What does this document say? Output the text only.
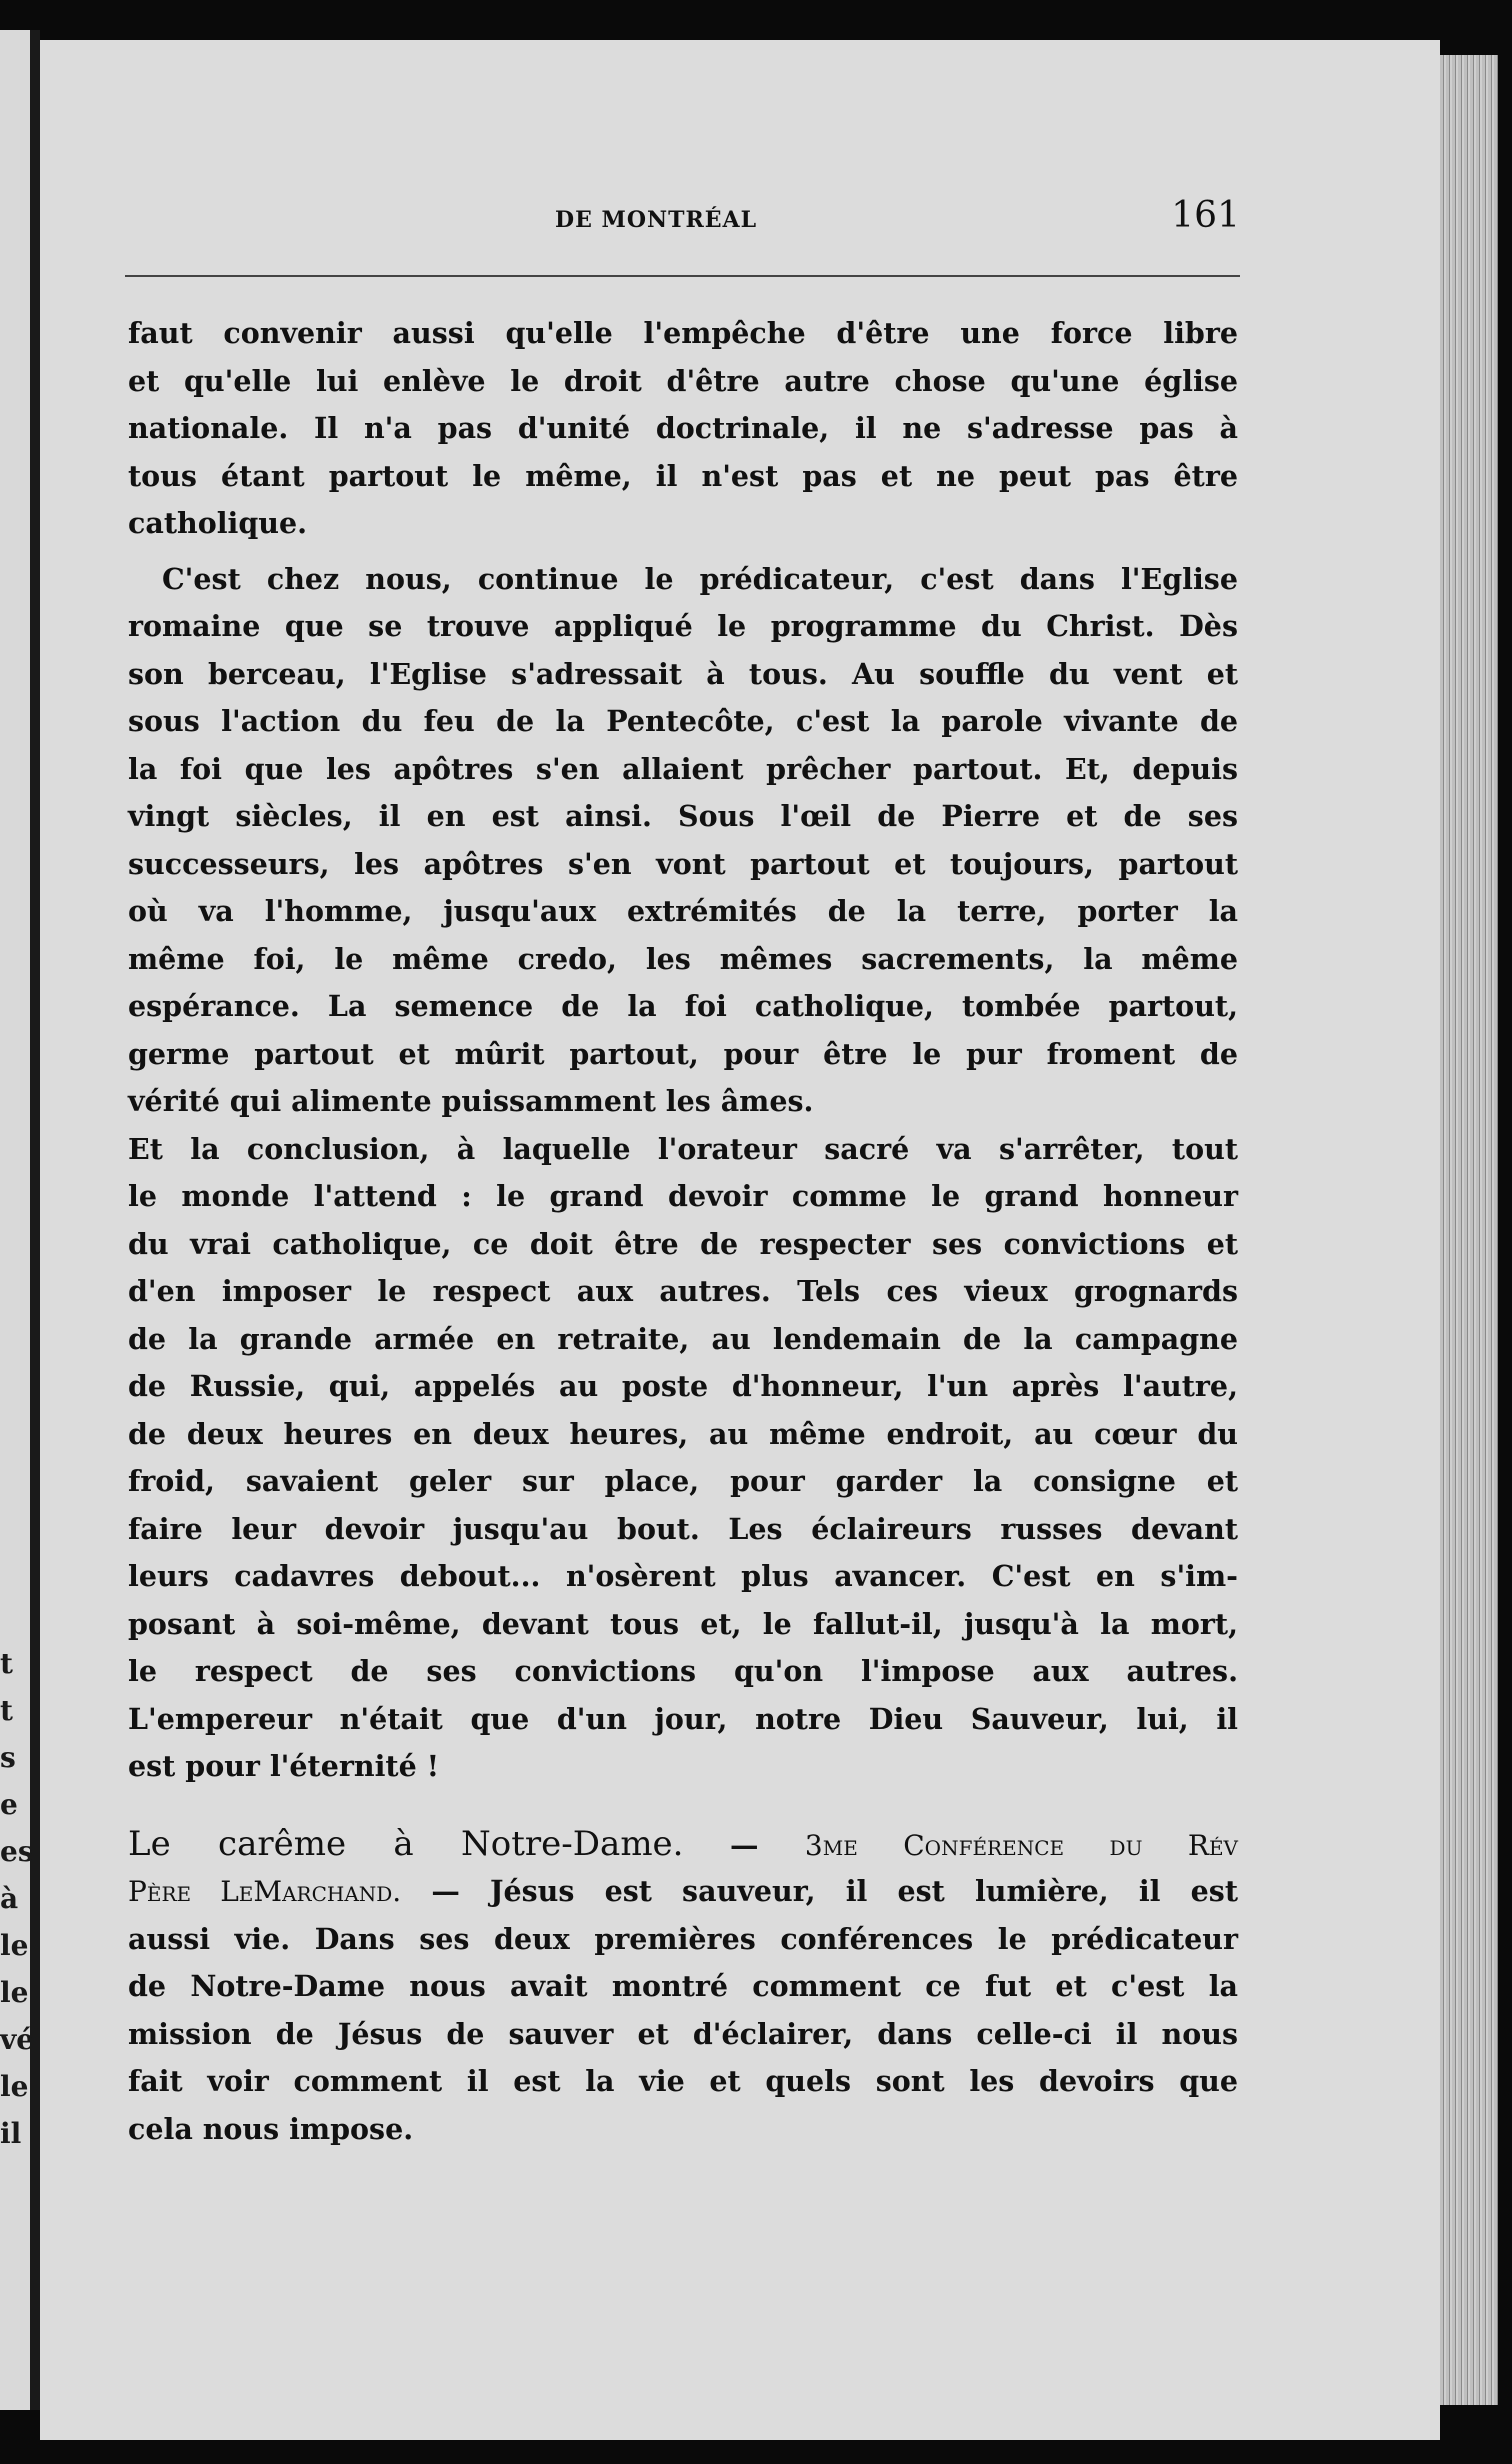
t
t
s
e
es
à
le
le
vé
le
il
DE MONTRÉAL	161
faut convenir aussi qu'elle l'empêche d'être une force libre
et qu'elle lui enlève le droit d'être autre chose qu'une église
nationale. Il n'a pas d'unité doctrinale, il ne s'adresse pas à
tous étant partout le même, il n'est pas et ne peut pas être
catholique.
C'est chez nous, continue le prédicateur, c'est dans l'Eglise
romaine que se trouve appliqué le programme du Christ. Dès
son berceau, l'Eglise s'adressait à tous. Au souffle du vent et
sous l'action du feu de la Pentecôte, c'est la parole vivante de
la foi que les apôtres s'en allaient prêcher partout. Et, depuis
vingt siècles, il en est ainsi. Sous l'œil de Pierre et de ses
successeurs, les apôtres s'en vont partout et toujours, partout
où va l'homme, jusqu'aux extrémités de la terre, porter la
même foi, le même credo, les mêmes sacrements, la même
espérance. La semence de la foi catholique, tombée partout,
germe partout et mûrit partout, pour être le pur froment de
vérité qui alimente puissamment les âmes.
Et la conclusion, à laquelle l'orateur sacré va s'arrêter, tout
le monde l'attend : le grand devoir comme le grand honneur
du vrai catholique, ce doit être de respecter ses convictions et
d'en imposer le respect aux autres. Tels ces vieux grognards
de la grande armée en retraite, au lendemain de la campagne
de Russie, qui, appelés au poste d'honneur, l'un après l'autre,
de deux heures en deux heures, au même endroit, au cœur du
froid, savaient geler sur place, pour garder la consigne et
faire leur devoir jusqu'au bout. Les éclaireurs russes devant
leurs cadavres debout... n'osèrent plus avancer. C'est en s'im-
posant à soi-même, devant tous et, le fallut-il, jusqu'à la mort,
le respect de ses convictions qu'on l'impose aux autres.
L'empereur n'était que d'un jour, notre Dieu Sauveur, lui, il
est pour l'éternité !
Le carême à Notre-Dame. — 3me Conférence du Rév
Père LeMarchand. — Jésus est sauveur, il est lumière, il est
aussi vie. Dans ses deux premières conférences le prédicateur
de Notre-Dame nous avait montré comment ce fut et c'est la
mission de Jésus de sauver et d'éclairer, dans celle-ci il nous
fait voir comment il est la vie et quels sont les devoirs que
cela nous impose.
